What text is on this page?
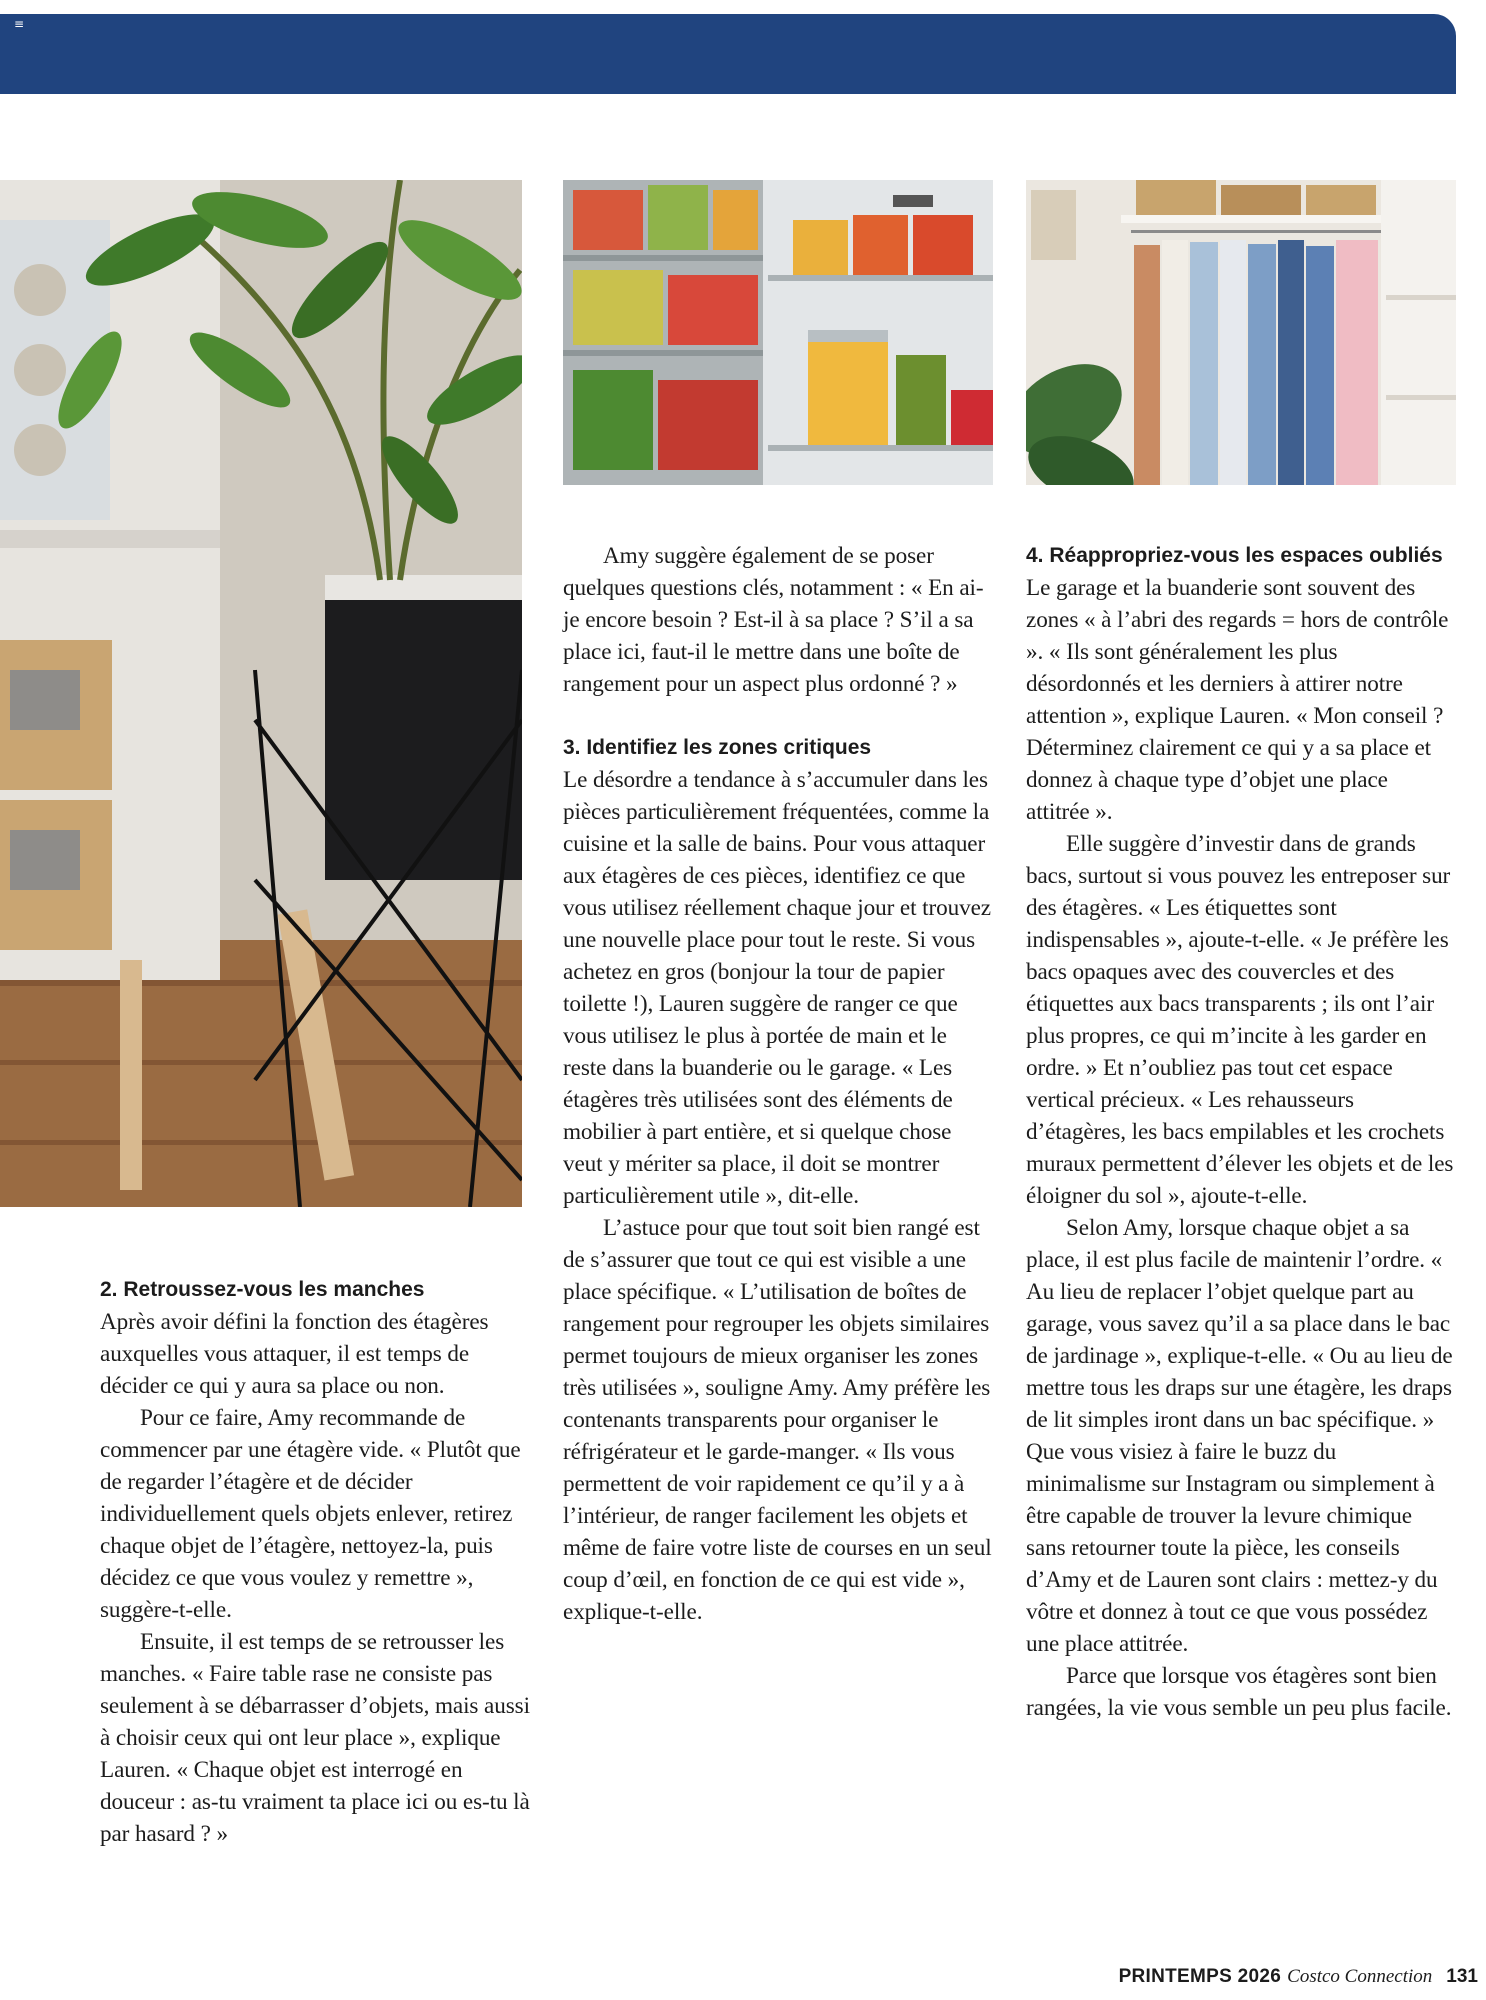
≡
2. Retroussez-vous les manches

Après avoir défini la fonction des étagères auxquelles vous attaquer, il est temps de décider ce qui y aura sa place ou non.

Pour ce faire, Amy recommande de commencer par une étagère vide. « Plutôt que de regarder l’étagère et de décider individuellement quels objets enlever, retirez chaque objet de l’étagère, nettoyez-la, puis décidez ce que vous voulez y remettre », suggère-t-elle.

Ensuite, il est temps de se retrousser les manches. « Faire table rase ne consiste pas seulement à se débarrasser d’objets, mais aussi à choisir ceux qui ont leur place », explique Lauren. « Chaque objet est interrogé en douceur : as-tu vraiment ta place ici ou es-tu là par hasard ? »

Amy suggère également de se poser quelques questions clés, notamment : « En ai-je encore besoin ? Est-il à sa place ? S’il a sa place ici, faut-il le mettre dans une boîte de rangement pour un aspect plus ordonné ? »

3. Identifiez les zones critiques

Le désordre a tendance à s’accumuler dans les pièces particulièrement fréquentées, comme la cuisine et la salle de bains. Pour vous attaquer aux étagères de ces pièces, identifiez ce que vous utilisez réellement chaque jour et trouvez une nouvelle place pour tout le reste. Si vous achetez en gros (bonjour la tour de papier toilette !), Lauren suggère de ranger ce que vous utilisez le plus à portée de main et le reste dans la buanderie ou le garage. « Les étagères très utilisées sont des éléments de mobilier à part entière, et si quelque chose veut y mériter sa place, il doit se montrer particulièrement utile », dit-elle.

L’astuce pour que tout soit bien rangé est de s’assurer que tout ce qui est visible a une place spécifique. « L’utilisation de boîtes de rangement pour regrouper les objets similaires permet toujours de mieux organiser les zones très utilisées », souligne Amy. Amy préfère les contenants transparents pour organiser le réfrigérateur et le garde-manger. « Ils vous permettent de voir rapidement ce qu’il y a à l’intérieur, de ranger facilement les objets et même de faire votre liste de courses en un seul coup d’œil, en fonction de ce qui est vide », explique-t-elle.

4. Réappropriez-vous les espaces oubliés

Le garage et la buanderie sont souvent des zones « à l’abri des regards = hors de contrôle ». « Ils sont généralement les plus désordonnés et les derniers à attirer notre attention », explique Lauren. « Mon conseil ? Déterminez clairement ce qui y a sa place et donnez à chaque type d’objet une place attitrée ».

Elle suggère d’investir dans de grands bacs, surtout si vous pouvez les entreposer sur des étagères. « Les étiquettes sont indispensables », ajoute-t-elle. « Je préfère les bacs opaques avec des couvercles et des étiquettes aux bacs transparents ; ils ont l’air plus propres, ce qui m’incite à les garder en ordre. » Et n’oubliez pas tout cet espace vertical précieux. « Les rehausseurs d’étagères, les bacs empilables et les crochets muraux permettent d’élever les objets et de les éloigner du sol », ajoute-t-elle.

Selon Amy, lorsque chaque objet a sa place, il est plus facile de maintenir l’ordre. « Au lieu de replacer l’objet quelque part au garage, vous savez qu’il a sa place dans le bac de jardinage », explique-t-elle. « Ou au lieu de mettre tous les draps sur une étagère, les draps de lit simples iront dans un bac spécifique. » Que vous visiez à faire le buzz du minimalisme sur Instagram ou simplement à être capable de trouver la levure chimique sans retourner toute la pièce, les conseils d’Amy et de Lauren sont clairs : mettez-y du vôtre et donnez à tout ce que vous possédez une place attitrée.

Parce que lorsque vos étagères sont bien rangées, la vie vous semble un peu plus facile.

PRINTEMPS 2026 Costco Connection 131
